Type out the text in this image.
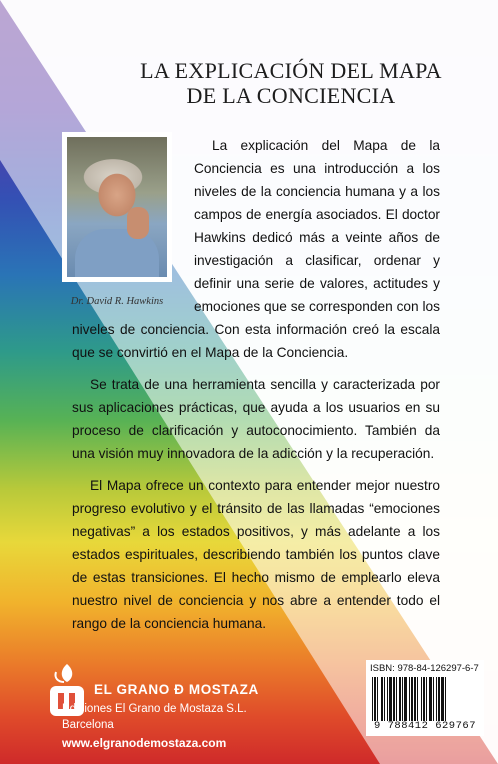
LA EXPLICACIÓN DEL MAPA
DE LA CONCIENCIA
Dr. David R. Hawkins

La explicación del Mapa de la Conciencia es una introducción a los niveles de la conciencia humana y a los campos de energía asociados. El doctor Hawkins dedicó más a veinte años de investigación a clasificar, ordenar y definir una serie de valores, actitudes y emociones que se corresponden con los niveles de conciencia. Con esta información creó la escala que se convirtió en el Mapa de la Conciencia.

Se trata de una herramienta sencilla y caracterizada por sus aplicaciones prácticas, que ayuda a los usuarios en su proceso de clarificación y autoconocimiento. También da una visión muy innovadora de la adicción y la recuperación.

El Mapa ofrece un contexto para entender mejor nuestro progreso evolutivo y el tránsito de las llamadas “emociones negativas” a los estados positivos, y más adelante a los estados espirituales, describiendo también los puntos clave de estas transiciones. El hecho mismo de emplearlo eleva nuestro nivel de conciencia y nos abre a entender todo el rango de la conciencia humana.

EL GRANO Ð MOSTAZA
Ediciones El Grano de Mostaza S.L.
Barcelona
www.elgranodemostaza.com
ISBN: 978-84-126297-6-7
9 788412 629767
